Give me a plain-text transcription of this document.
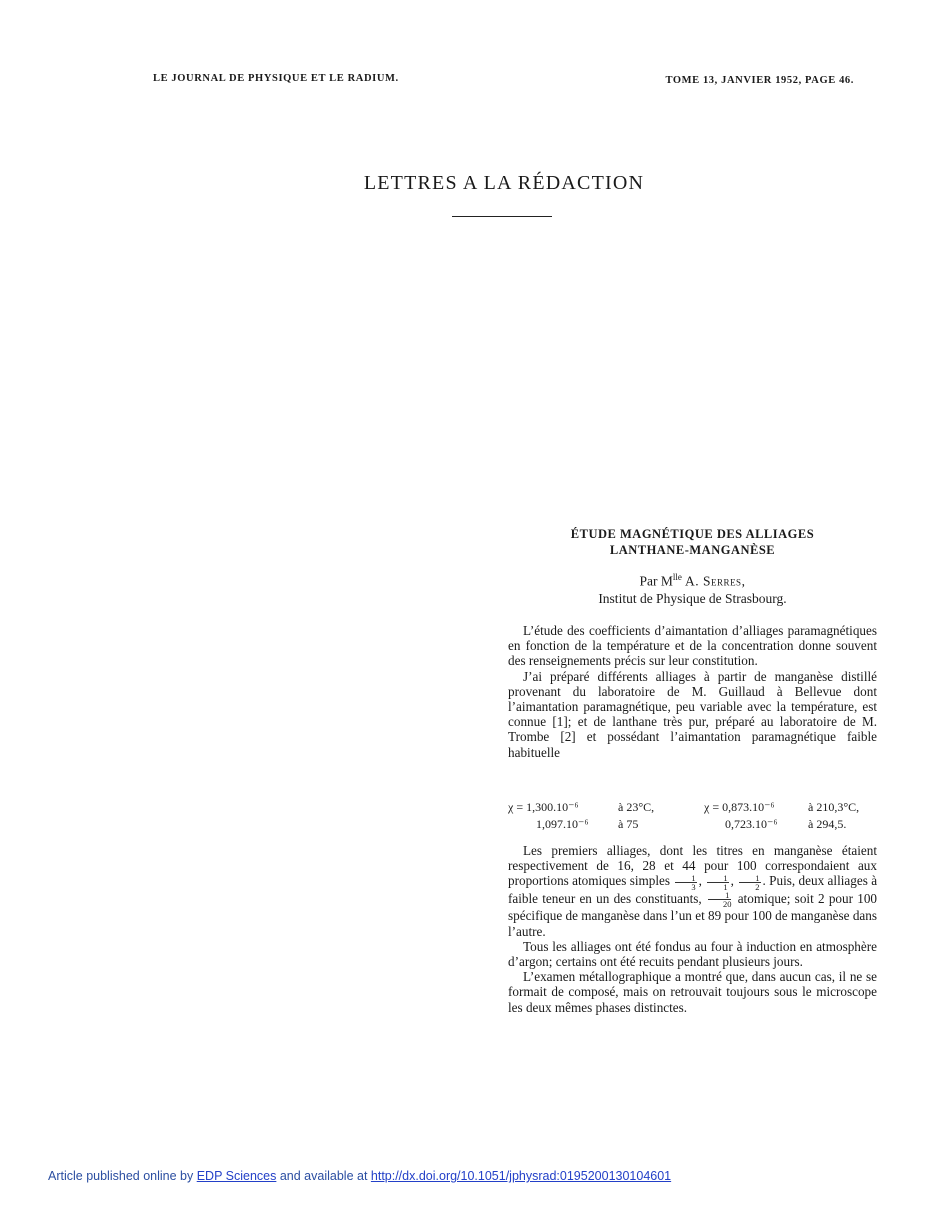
LE JOURNAL DE PHYSIQUE ET LE RADIUM.	TOME 13, JANVIER 1952, PAGE 46.
LETTRES A LA RÉDACTION
ÉTUDE MAGNÉTIQUE DES ALLIAGES
LANTHANE-MANGANÈSE
Par $M^{lle}$ A. Serres,
Institut de Physique de Strasbourg.

L’étude des coefficients d’aimantation d’alliages paramagnétiques en fonction de la température et de la concentration donne souvent des renseignements précis sur leur constitution.

J’ai préparé différents alliages à partir de manganèse distillé provenant du laboratoire de M. Guillaud à Bellevue dont l’aimantation paramagnétique, peu variable avec la température, est connue [1]; et de lanthane très pur, préparé au laboratoire de M. Trombe [2] et possédant l’aimantation paramagnétique faible habituelle

χ = 1,300.10⁻⁶	à 23°C,	χ = 0,873.10⁻⁶	à 210,3°C,
1,097.10⁻⁶ à 75	0,723.10⁻⁶	à 294,5.

Les premiers alliages, dont les titres en manganèse étaient respectivement de 16, 28 et 44 pour 100 correspondaient aux proportions atomiques simples $\frac{1}{3}$ , $\frac{1}{1}$ , $\frac{1}{2}$ . Puis, deux alliages à faible teneur en un des constituants, $\frac{1}{20}$ atomique; soit 2 pour 100 spécifique de manganèse dans l’un et 89 pour 100 de manganèse dans l’autre.

Tous les alliages ont été fondus au four à induction en atmosphère d’argon; certains ont été recuits pendant plusieurs jours.

L’examen métallographique a montré que, dans aucun cas, il ne se formait de composé, mais on retrouvait toujours sous le microscope les deux mêmes phases distinctes.

Article published online by EDP Sciences and available at http://dx.doi.org/10.1051/jphysrad:0195200130104601
